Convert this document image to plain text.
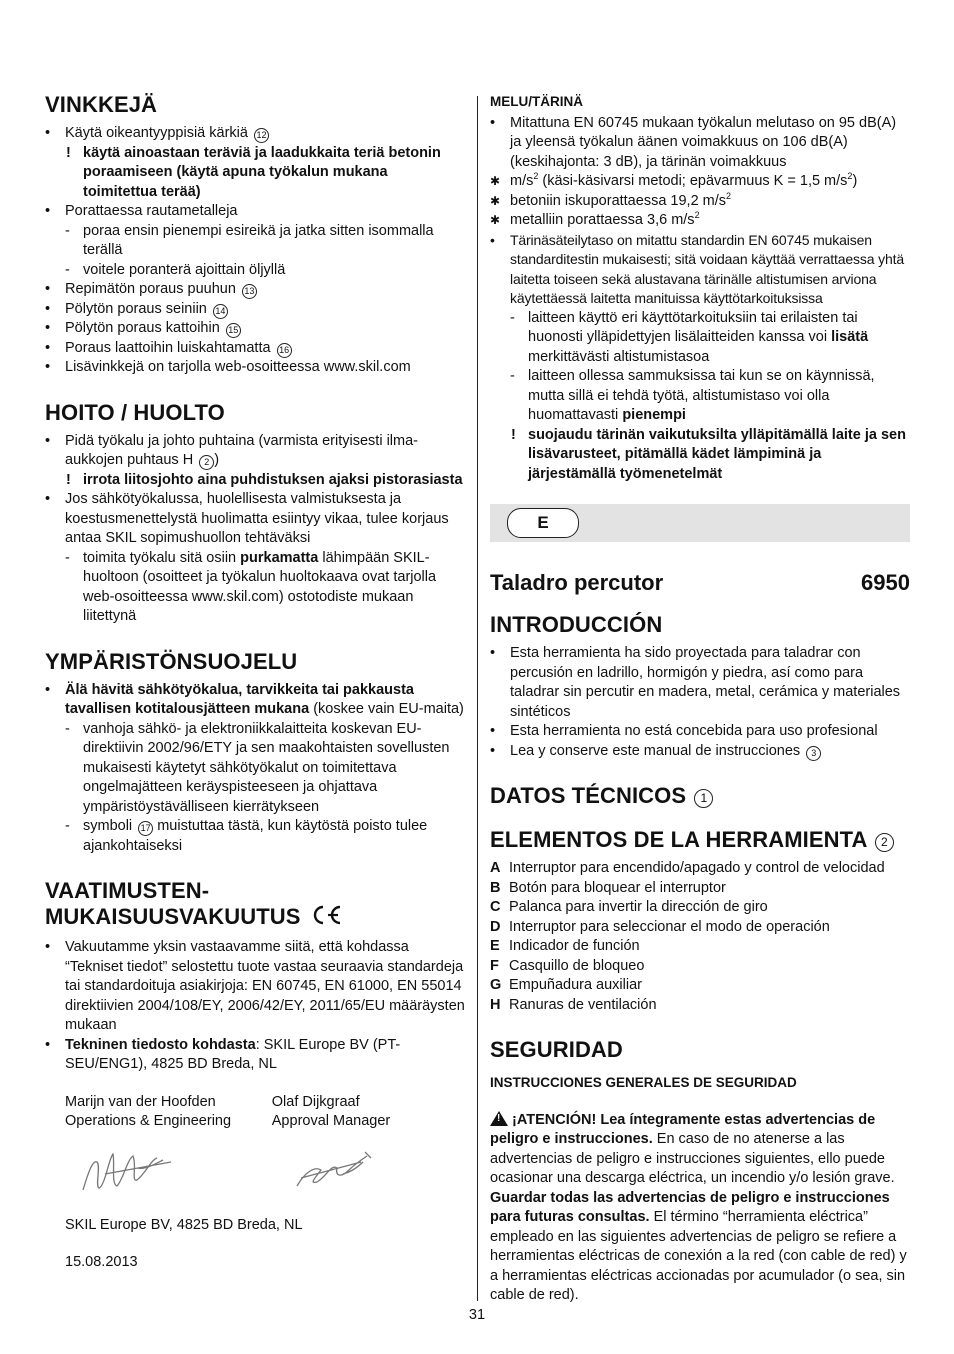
VINKKEJÄ
• Käytä oikeantyyppisiä kärkiä 12
! käytä ainoastaan teräviä ja laadukkaita teriä betonin poraamiseen (käytä apuna työkalun mukana toimitettua terää)
• Porattaessa rautametalleja
- poraa ensin pienempi esireikä ja jatka sitten isommalla terällä
- voitele poranterä ajoittain öljyllä
• Repimätön poraus puuhun 13
• Pölytön poraus seiniin 14
• Pölytön poraus kattoihin 15
• Poraus laattoihin luiskahtamatta 16
• Lisävinkkejä on tarjolla web-osoitteessa www.skil.com
HOITO / HUOLTO
• Pidä työkalu ja johto puhtaina (varmista erityisesti ilma-aukkojen puhtaus H 2 )
! irrota liitosjohto aina puhdistuksen ajaksi pistorasiasta
• Jos sähkötyökalussa, huolellisesta valmistuksesta ja koestusmenettelystä huolimatta esiintyy vikaa, tulee korjaus antaa SKIL sopimushuollon tehtäväksi
- toimita työkalu sitä osiin purkamatta lähimpään SKIL-huoltoon (osoitteet ja työkalun huoltokaava ovat tarjolla web-osoitteessa www.skil.com) ostotodiste mukaan liitettynä
YMPÄRISTÖNSUOJELU
• Älä hävitä sähkötyökalua, tarvikkeita tai pakkausta tavallisen kotitalousjätteen mukana (koskee vain EU-maita)
- vanhoja sähkö- ja elektroniikkalaitteita koskevan EU-direktiivin 2002/96/ETY ja sen maakohtaisten sovellusten mukaisesti käytetyt sähkötyökalut on toimitettava ongelmajätteen keräyspisteeseen ja ohjattava ympäristöystävälliseen kierrätykseen
- symboli 17 muistuttaa tästä, kun käytöstä poisto tulee ajankohtaiseksi
VAATIMUSTEN-
MUKAISUUSVAKUUTUS
• Vakuutamme yksin vastaavamme siitä, että kohdassa “Tekniset tiedot” selostettu tuote vastaa seuraavia standardeja tai standardoituja asiakirjoja: EN 60745, EN 61000, EN 55014 direktiivien 2004/108/EY, 2006/42/EY, 2011/65/EU määräysten mukaan
• Tekninen tiedosto kohdasta: SKIL Europe BV (PT-SEU/ENG1), 4825 BD Breda, NL
Marijn van der Hoofden
Operations & Engineering
Olaf Dijkgraaf
Approval Manager
SKIL Europe BV, 4825 BD Breda, NL
15.08.2013
MELU/TÄRINÄ
• Mitattuna EN 60745 mukaan työkalun melutaso on 95 dB(A) ja yleensä työkalun äänen voimakkuus on 106 dB(A) (keskihajonta: 3 dB), ja tärinän voimakkuus
✱ $m/s^2$ (käsi-käsivarsi metodi; epävarmuus K = 1,5 $m/s^2$)
✱ betoniin iskuporattaessa 19,2 $m/s^2$
✱ metalliin porattaessa 3,6 $m/s^2$
• Tärinäsäteilytaso on mitattu standardin EN 60745 mukaisen standarditestin mukaisesti; sitä voidaan käyttää verrattaessa yhtä laitetta toiseen sekä alustavana tärinälle altistumisen arviona käytettäessä laitetta manituissa käyttötarkoituksissa
- laitteen käyttö eri käyttötarkoituksiin tai erilaisten tai huonosti ylläpidettyjen lisälaitteiden kanssa voi lisätä merkittävästi altistumistasoa
- laitteen ollessa sammuksissa tai kun se on käynnissä, mutta sillä ei tehdä työtä, altistumistaso voi olla huomattavasti pienempi
! suojaudu tärinän vaikutuksilta ylläpitämällä laite ja sen lisävarusteet, pitämällä kädet lämpiminä ja järjestämällä työmenetelmät
E
Taladro percutor	6950
INTRODUCCIÓN
• Esta herramienta ha sido proyectada para taladrar con percusión en ladrillo, hormigón y piedra, así como para taladrar sin percutir en madera, metal, cerámica y materiales sintéticos
• Esta herramienta no está concebida para uso profesional
• Lea y conserve este manual de instrucciones 3
DATOS TÉCNICOS 1
ELEMENTOS DE LA HERRAMIENTA 2
A Interruptor para encendido/apagado y control de velocidad
B Botón para bloquear el interruptor
C Palanca para invertir la dirección de giro
D Interruptor para seleccionar el modo de operación
E Indicador de función
F Casquillo de bloqueo
G Empuñadura auxiliar
H Ranuras de ventilación
SEGURIDAD
INSTRUCCIONES GENERALES DE SEGURIDAD

!¡ATENCIÓN! Lea íntegramente estas advertencias de peligro e instrucciones. En caso de no atenerse a las advertencias de peligro e instrucciones siguientes, ello puede ocasionar una descarga eléctrica, un incendio y/o lesión grave. Guardar todas las advertencias de peligro e instrucciones para futuras consultas. El término “herramienta eléctrica” empleado en las siguientes advertencias de peligro se refiere a herramientas eléctricas de conexión a la red (con cable de red) y a herramientas eléctricas accionadas por acumulador (o sea, sin cable de red).

31
